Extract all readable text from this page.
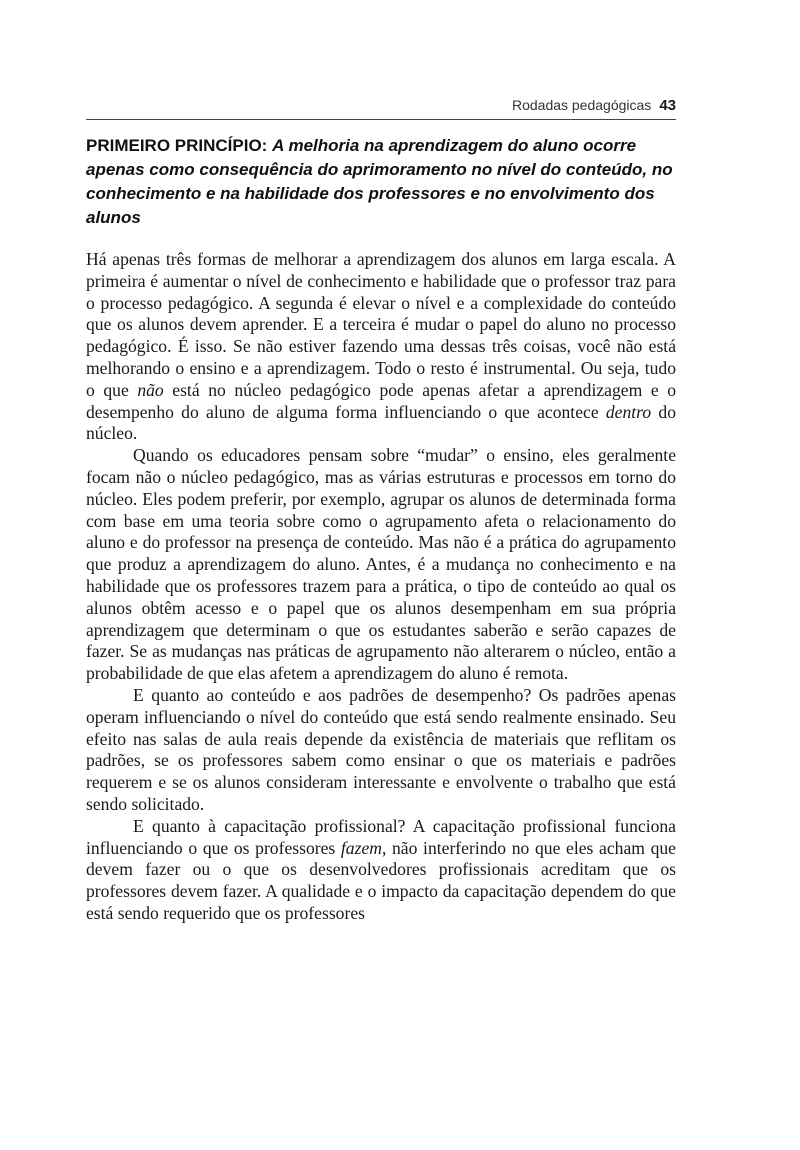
Rodadas pedagógicas 43
PRIMEIRO PRINCÍPIO: A melhoria na aprendizagem do aluno ocorre apenas como consequência do aprimoramento no nível do conteúdo, no conhecimento e na habilidade dos professores e no envolvimento dos alunos

Há apenas três formas de melhorar a aprendizagem dos alunos em larga escala. A primeira é aumentar o nível de conhecimento e habilidade que o professor traz para o processo pedagógico. A segunda é elevar o nível e a complexidade do conteúdo que os alunos devem aprender. E a terceira é mudar o papel do aluno no processo pedagógico. É isso. Se não estiver fazendo uma dessas três coisas, você não está melhorando o ensino e a aprendizagem. Todo o resto é instrumental. Ou seja, tudo o que não está no núcleo pedagógico pode apenas afetar a aprendizagem e o desempenho do aluno de alguma forma influenciando o que acontece dentro do núcleo.

Quando os educadores pensam sobre “mudar” o ensino, eles geralmente focam não o núcleo pedagógico, mas as várias estruturas e processos em torno do núcleo. Eles podem preferir, por exemplo, agrupar os alunos de determinada forma com base em uma teoria sobre como o agrupamento afeta o relacionamento do aluno e do professor na presença de conteúdo. Mas não é a prática do agrupamento que produz a aprendizagem do aluno. Antes, é a mudança no conhecimento e na habilidade que os professores trazem para a prática, o tipo de conteúdo ao qual os alunos obtêm acesso e o papel que os alunos desempenham em sua própria aprendizagem que determinam o que os estudantes saberão e serão capazes de fazer. Se as mudanças nas práticas de agrupamento não alterarem o núcleo, então a probabilidade de que elas afetem a aprendizagem do aluno é remota.

E quanto ao conteúdo e aos padrões de desempenho? Os padrões apenas operam influenciando o nível do conteúdo que está sendo realmente ensinado. Seu efeito nas salas de aula reais depende da existência de materiais que reflitam os padrões, se os professores sabem como ensinar o que os materiais e padrões requerem e se os alunos consideram interessante e envolvente o trabalho que está sendo solicitado.

E quanto à capacitação profissional? A capacitação profissional funciona influenciando o que os professores fazem, não interferindo no que eles acham que devem fazer ou o que os desenvolvedores profissionais acreditam que os professores devem fazer. A qualidade e o impacto da capacitação dependem do que está sendo requerido que os professores
